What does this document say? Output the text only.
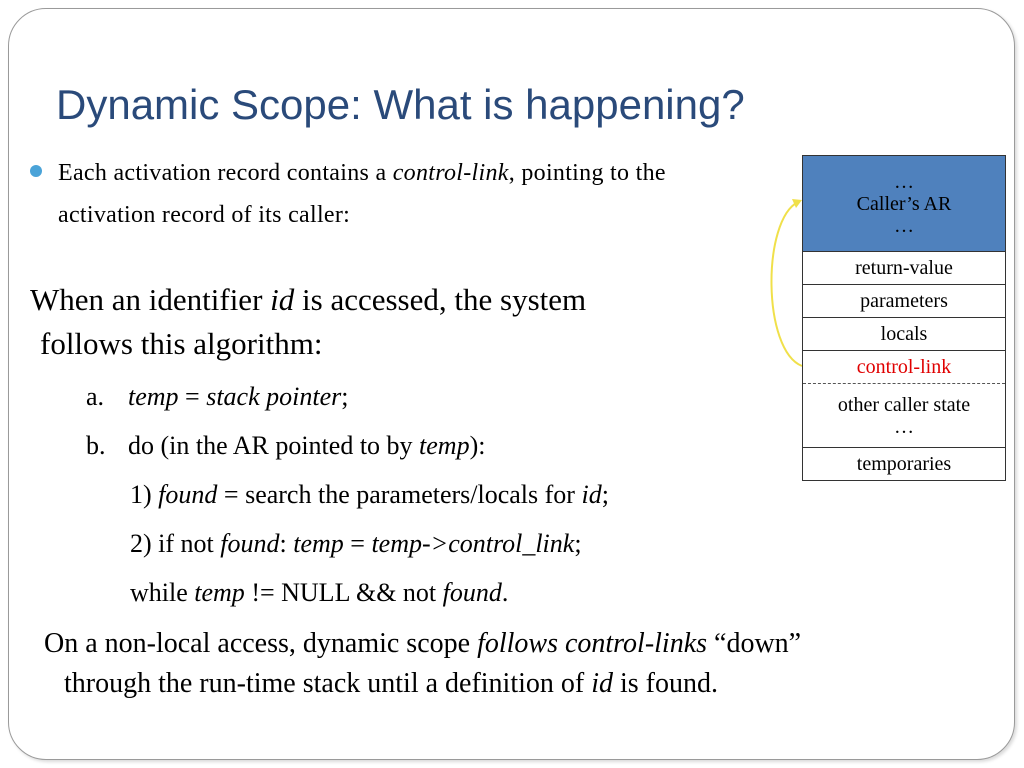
Dynamic Scope: What is happening?
Each activation record contains a control-link, pointing to the activation record of its caller:
When an identifier id is accessed, the system
follows this algorithm:
a. temp = stack pointer;
b. do (in the AR pointed to by temp):
1) found = search the parameters/locals for id;
2) if not found: temp = temp->control_link;
while temp != NULL && not found.
On a non-local access, dynamic scope follows control-links “down”
through the run-time stack until a definition of id is found.
…
Caller’s AR
…
return-value
parameters
locals
control-link
other caller state
…
temporaries
